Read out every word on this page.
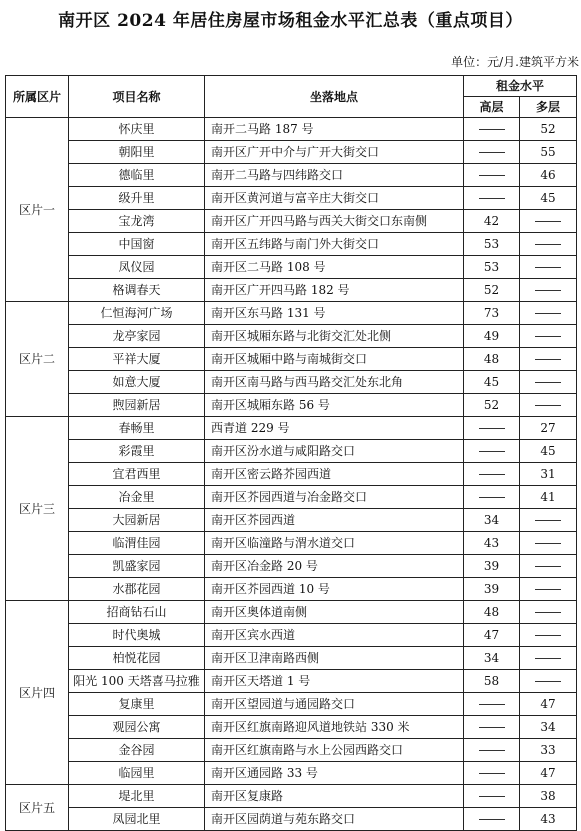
南开区 2024 年居住房屋市场租金水平汇总表（重点项目）
单位：元/月.建筑平方米
所属区片	项目名称	坐落地点	租金水平	
			高层	多层
区片一	怀庆里	南开二马路 187 号		52
	朝阳里	南开区广开中介与广开大街交口		55
	德临里	南开二马路与四纬路交口		46
	级升里	南开区黄河道与富辛庄大街交口		45
	宝龙湾	南开区广开四马路与西关大街交口东南侧	42	
	中国窗	南开区五纬路与南门外大街交口	53	
	凤仪园	南开区二马路 108 号	53	
	格调春天	南开区广开四马路 182 号	52	
区片二	仁恒海河广场	南开区东马路 131 号	73	
	龙亭家园	南开区城厢东路与北街交汇处北侧	49	
	平祥大厦	南开区城厢中路与南城街交口	48	
	如意大厦	南开区南马路与西马路交汇处东北角	45	
	煦园新居	南开区城厢东路 56 号	52	
区片三	春畅里	西青道 229 号		27
	彩霞里	南开区汾水道与咸阳路交口		45
	宜君西里	南开区密云路芥园西道		31
	冶金里	南开区芥园西道与冶金路交口		41
	大园新居	南开区芥园西道	34	
	临渭佳园	南开区临潼路与渭水道交口	43	
	凯盛家园	南开区冶金路 20 号	39	
	水郡花园	南开区芥园西道 10 号	39	
区片四	招商钻石山	南开区奥体道南侧	48	
	时代奥城	南开区宾水西道	47	
	柏悦花园	南开区卫津南路西侧	34	
	阳光 100 天塔喜马拉雅	南开区天塔道 1 号	58	
	复康里	南开区望园道与通园路交口		47
	观园公寓	南开区红旗南路迎风道地铁站 330 米		34
	金谷园	南开区红旗南路与水上公园西路交口		33
	临园里	南开区通园路 33 号		47
区片五	堤北里	南开区复康路		38
	凤园北里	南开区园荫道与苑东路交口		43
